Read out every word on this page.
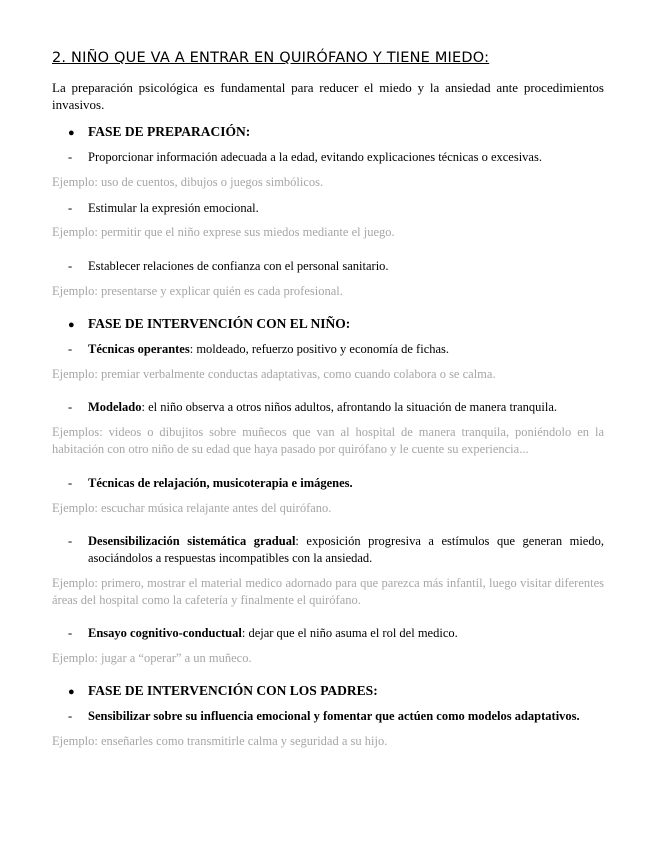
2. NIÑO QUE VA A ENTRAR EN QUIRÓFANO Y TIENE MIEDO:
La preparación psicológica es fundamental para reducer el miedo y la ansiedad ante procedimientos invasivos.
● FASE DE PREPARACIÓN:
- Proporcionar información adecuada a la edad, evitando explicaciones técnicas o excesivas.
Ejemplo: uso de cuentos, dibujos o juegos simbólicos.
- Estimular la expresión emocional.
Ejemplo: permitir que el niño exprese sus miedos mediante el juego.
- Establecer relaciones de confianza con el personal sanitario.
Ejemplo: presentarse y explicar quién es cada profesional.
● FASE DE INTERVENCIÓN CON EL NIÑO:
- Técnicas operantes: moldeado, refuerzo positivo y economía de fichas.
Ejemplo: premiar verbalmente conductas adaptativas, como cuando colabora o se calma.
- Modelado: el niño observa a otros niños adultos, afrontando la situación de manera tranquila.
Ejemplos: videos o dibujitos sobre muñecos que van al hospital de manera tranquila, poniéndolo en la habitación con otro niño de su edad que haya pasado por quirófano y le cuente su experiencia...
- Técnicas de relajación, musicoterapia e imágenes.
Ejemplo: escuchar música relajante antes del quirófano.
- Desensibilización sistemática gradual: exposición progresiva a estímulos que generan miedo, asociándolos a respuestas incompatibles con la ansiedad.
Ejemplo: primero, mostrar el material medico adornado para que parezca más infantil, luego visitar diferentes áreas del hospital como la cafetería y finalmente el quirófano.
- Ensayo cognitivo-conductual: dejar que el niño asuma el rol del medico.
Ejemplo: jugar a “operar” a un muñeco.
● FASE DE INTERVENCIÓN CON LOS PADRES:
- Sensibilizar sobre su influencia emocional y fomentar que actúen como modelos adaptativos.
Ejemplo: enseñarles como transmitirle calma y seguridad a su hijo.
